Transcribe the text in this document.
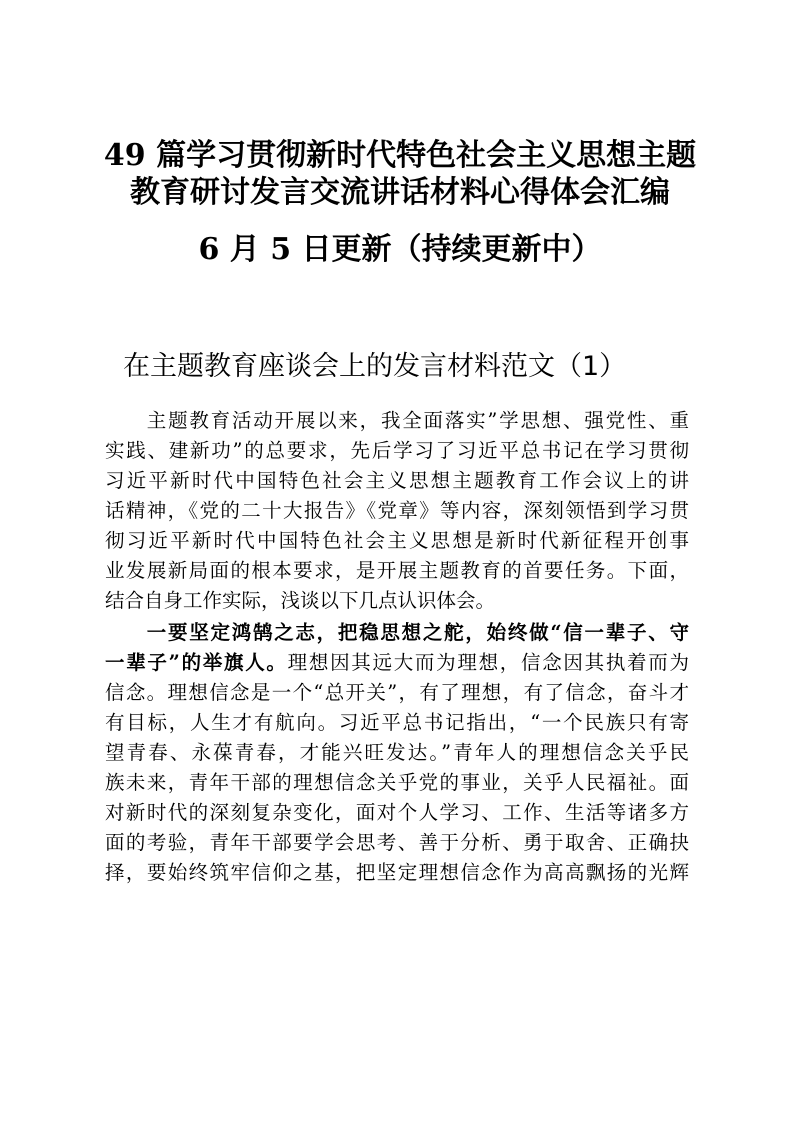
49 篇学习贯彻新时代特色社会主义思想主题
教育研讨发言交流讲话材料心得体会汇编
6 月 5 日更新（持续更新中）
在主题教育座谈会上的发言材料范文（1）
主题教育活动开展以来，我全面落实”学思想、强党性、重
实践、建新功”的总要求，先后学习了习近平总书记在学习贯彻
习近平新时代中国特色社会主义思想主题教育工作会议上的讲
话精神，《党的二十大报告》《党章》等内容，深刻领悟到学习贯
彻习近平新时代中国特色社会主义思想是新时代新征程开创事
业发展新局面的根本要求，是开展主题教育的首要任务。下面，
结合自身工作实际，浅谈以下几点认识体会。
一要坚定鸿鹄之志，把稳思想之舵，始终做“信一辈子、守
一辈子”的举旗人。理想因其远大而为理想，信念因其执着而为
信念。理想信念是一个“总开关”，有了理想，有了信念，奋斗才
有目标，人生才有航向。习近平总书记指出，“一个民族只有寄
望青春、永葆青春，才能兴旺发达。”青年人的理想信念关乎民
族未来，青年干部的理想信念关乎党的事业，关乎人民福祉。面
对新时代的深刻复杂变化，面对个人学习、工作、生活等诸多方
面的考验，青年干部要学会思考、善于分析、勇于取舍、正确抉
择，要始终筑牢信仰之基，把坚定理想信念作为高高飘扬的光辉
